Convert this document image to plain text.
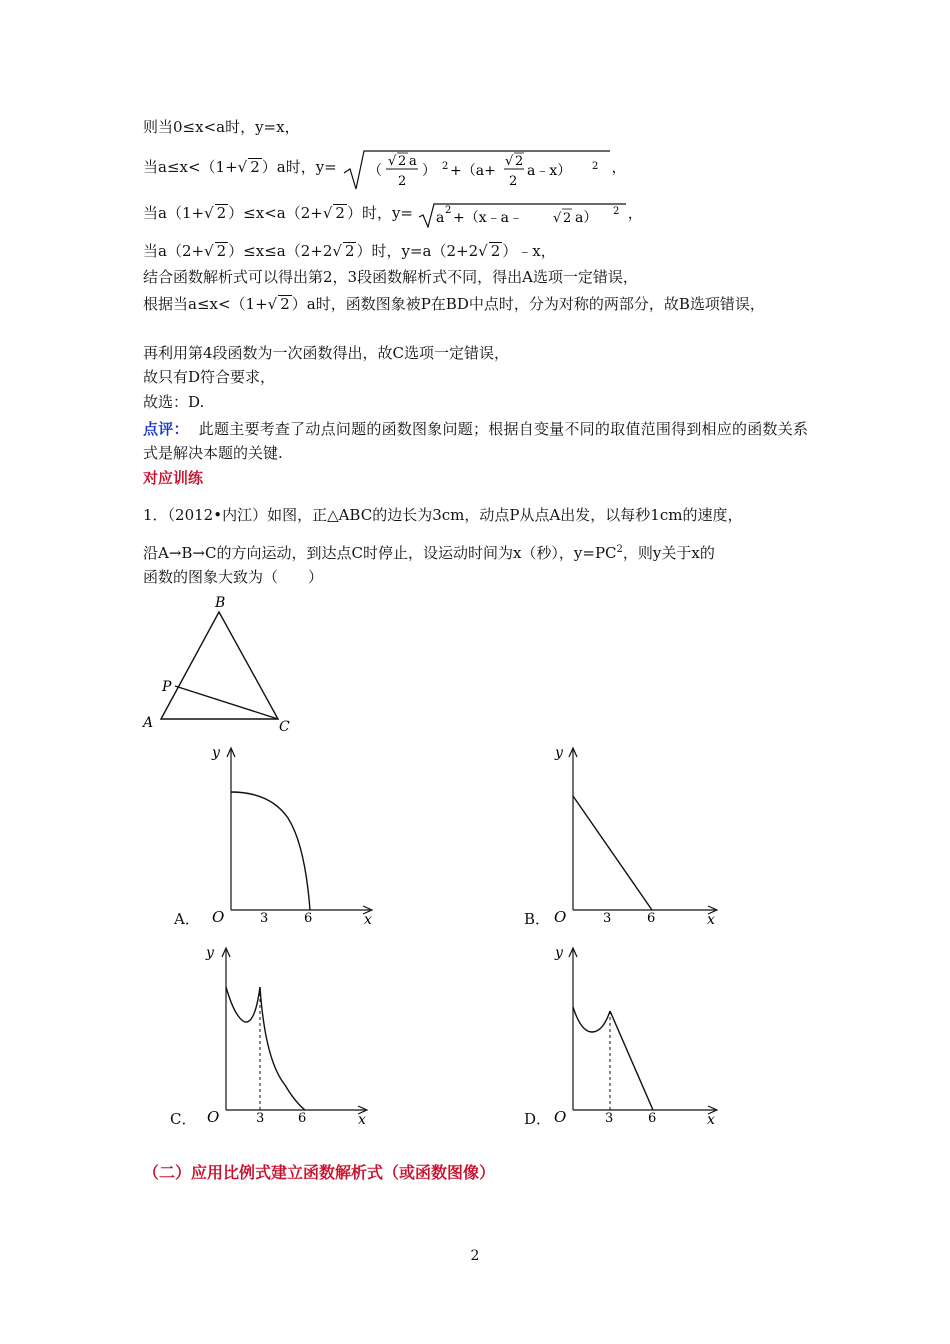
则当0≤x<a时，y=x，
当a≤x<（1+√ 2 ）a时，y= （
√ 2 a
2
） 2 +（a+
√ 2
2
a﹣x） 2 ，
当a（1+√ 2 ）≤x<a（2+√ 2 ）时，y= a 2 +（x﹣a﹣ √ 2 a） 2 ，
当a（2+√ 2 ）≤x≤a（2+2√ 2 ）时，y=a（2+2√ 2 ）﹣x，
结合函数解析式可以得出第2，3段函数解析式不同，得出A选项一定错误，
根据当a≤x<（1+√ 2 ）a时，函数图象被P在BD中点时，分为对称的两部分，故B选项错误，
再利用第4段函数为一次函数得出，故C选项一定错误，
故只有D符合要求，
故选：D.
点评： 此题主要考查了动点问题的函数图象问题；根据自变量不同的取值范围得到相应的函数关系式是解决本题的关键.
对应训练
1．（2012•内江）如图，正△ABC的边长为3cm，动点P从点A出发，以每秒1cm的速度，
沿A→B→C的方向运动，到达点C时停止，设运动时间为x（秒），$y=PC^2$，则y关于x的
函数的图象大致为（　　）
B
P
A	C
A．
y
O	3	6	x	B．
y
O	3	6	x
C．
y
O	3	6	x	D．
y
O	3	6	x
（二）应用比例式建立函数解析式（或函数图像）
2
